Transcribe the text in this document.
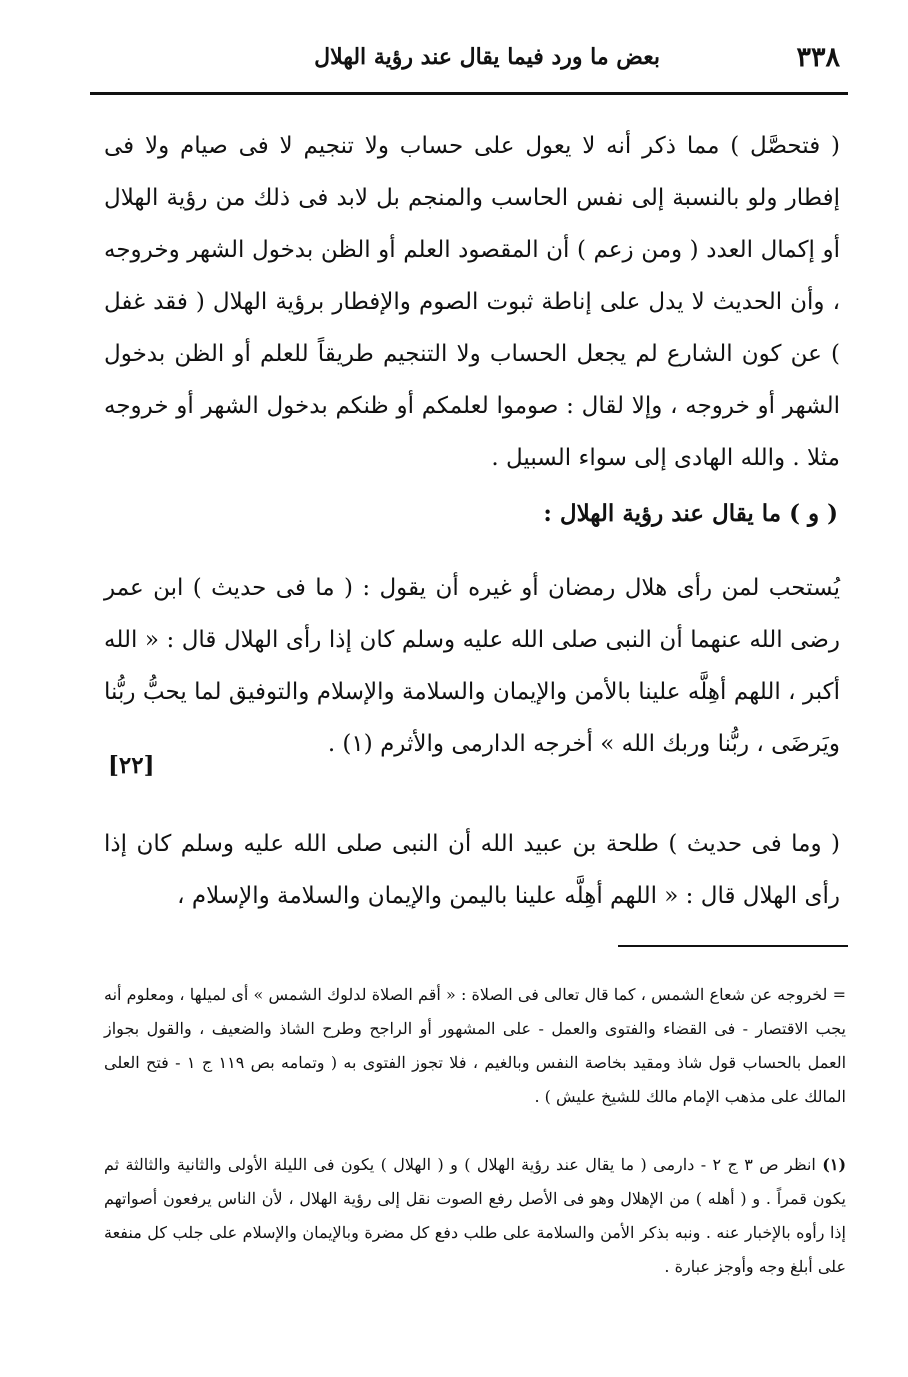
٣٣٨
بعض ما ورد فيما يقال عند رؤية الهلال

( فتحصَّل ) مما ذكر أنه لا يعول على حساب ولا تنجيم لا فى صيام ولا فى إفطار ولو بالنسبة إلى نفس الحاسب والمنجم بل لابد فى ذلك من رؤية الهلال أو إكمال العدد ( ومن زعم ) أن المقصود العلم أو الظن بدخول الشهر وخروجه ، وأن الحديث لا يدل على إناطة ثبوت الصوم والإفطار برؤية الهلال ( فقد غفل ) عن كون الشارع لم يجعل الحساب ولا التنجيم طريقاً للعلم أو الظن بدخول الشهر أو خروجه ، وإلا لقال : صوموا لعلمكم أو ظنكم بدخول الشهر أو خروجه مثلا . والله الهادى إلى سواء السبيل .

( و ) ما يقال عند رؤية الهلال :

يُستحب لمن رأى هلال رمضان أو غيره أن يقول : ( ما فى حديث ) ابن عمر رضى الله عنهما أن النبى صلى الله عليه وسلم كان إذا رأى الهلال قال : « الله أكبر ، اللهم أهِلَّه علينا بالأمن والإيمان والسلامة والإسلام والتوفيق لما يحبُّ ربُّنا ويَرضَى ، ربُّنا وربك الله » أخرجه الدارمى والأثرم (١) .

[٢٢]

( وما فى حديث ) طلحة بن عبيد الله أن النبى صلى الله عليه وسلم كان إذا رأى الهلال قال : « اللهم أهِلَّه علينا باليمن والإيمان والسلامة والإسلام ،

= لخروجه عن شعاع الشمس ، كما قال تعالى فى الصلاة : « أقم الصلاة لدلوك الشمس » أى لميلها ، ومعلوم أنه يجب الاقتصار - فى القضاء والفتوى والعمل - على المشهور أو الراجح وطرح الشاذ والضعيف ، والقول بجواز العمل بالحساب قول شاذ ومقيد بخاصة النفس وبالغيم ، فلا تجوز الفتوى به ( وتمامه بص ١١٩ ج ١ - فتح العلى المالك على مذهب الإمام مالك للشيخ عليش ) .

(١) انظر ص ٣ ج ٢ - دارمى ( ما يقال عند رؤية الهلال ) و ( الهلال ) يكون فى الليلة الأولى والثانية والثالثة ثم يكون قمراً . و ( أهله ) من الإهلال وهو فى الأصل رفع الصوت نقل إلى رؤية الهلال ، لأن الناس يرفعون أصواتهم إذا رأوه بالإخبار عنه . ونبه بذكر الأمن والسلامة على طلب دفع كل مضرة وبالإيمان والإسلام على جلب كل منفعة على أبلغ وجه وأوجز عبارة .
